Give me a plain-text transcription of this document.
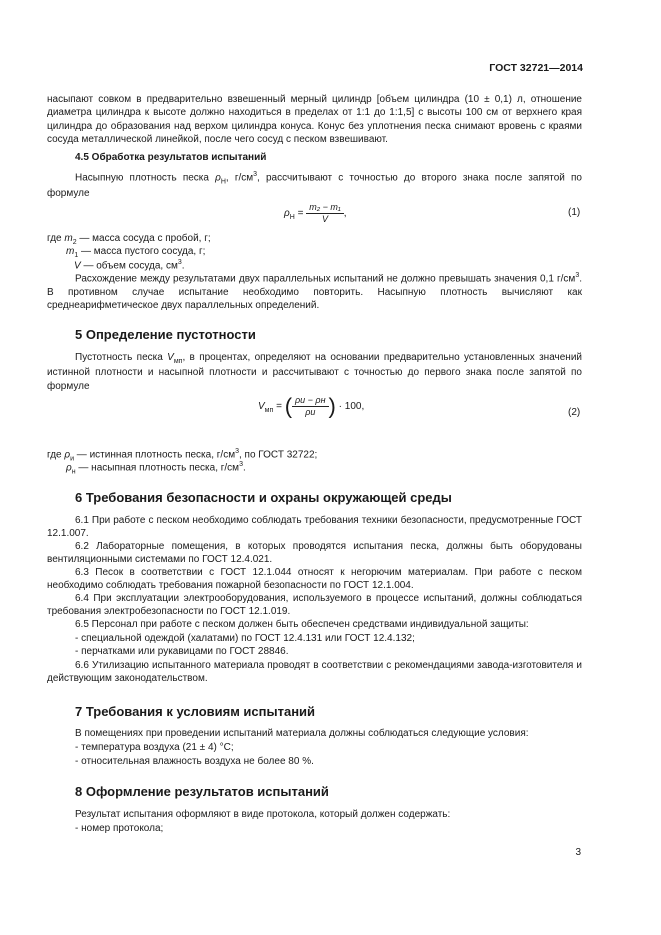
ГОСТ 32721—2014
насыпают совком в предварительно взвешенный мерный цилиндр [объем цилиндра (10 ± 0,1) л, отношение диаметра цилиндра к высоте должно находиться в пределах от 1:1 до 1:1,5] с высоты 100 см от верхнего края цилиндра до образования над верхом цилиндра конуса. Конус без уплотнения песка снимают вровень с краями сосуда металлической линейкой, после чего сосуд с песком взвешивают.
4.5 Обработка результатов испытаний
Насыпную плотность песка $\rho_Н$, $г/см^3$, рассчитывают с точностью до второго знака после запятой по формуле
$\rho_Н = \frac{\text{m₂ − m₁}}{V}$ ,	(1)
где $m_2$ — масса сосуда с пробой, г;
$m_1$ — масса пустого сосуда, г;
V — объем сосуда, $см^3$.
Расхождение между результатами двух параллельных испытаний не должно превышать значения 0,1 $г/см^3$. В противном случае испытание необходимо повторить. Насыпную плотность вычисляют как среднеарифметическое двух параллельных определений.
5 Определение пустотности
Пустотность песка $V_{мп}$, в процентах, определяют на основании предварительно установленных значений истинной плотности и насыпной плотности и рассчитывают с точностью до первого знака после запятой по формуле
$V_{мп}$ = ( $\frac{\rho и - \rho н}{\rho и}$ ) · 100,
(2)
где $\rho_и$ — истинная плотность песка, $г/см^3$, по ГОСТ 32722;
$\rho_н$ — насыпная плотность песка, $г/см^3$.
6 Требования безопасности и охраны окружающей среды
6.1 При работе с песком необходимо соблюдать требования техники безопасности, предусмотренные ГОСТ 12.1.007.
6.2 Лабораторные помещения, в которых проводятся испытания песка, должны быть оборудованы вентиляционными системами по ГОСТ 12.4.021.
6.3 Песок в соответствии с ГОСТ 12.1.044 относят к негорючим материалам. При работе с песком необходимо соблюдать требования пожарной безопасности по ГОСТ 12.1.004.
6.4 При эксплуатации электрооборудования, используемого в процессе испытаний, должны соблюдаться требования электробезопасности по ГОСТ 12.1.019.
6.5 Персонал при работе с песком должен быть обеспечен средствами индивидуальной защиты:
- специальной одеждой (халатами) по ГОСТ 12.4.131 или ГОСТ 12.4.132;
- перчатками или рукавицами по ГОСТ 28846.
6.6 Утилизацию испытанного материала проводят в соответствии с рекомендациями завода-изготовителя и действующим законодательством.
7 Требования к условиям испытаний
В помещениях при проведении испытаний материала должны соблюдаться следующие условия:
- температура воздуха (21 ± 4) °С;
- относительная влажность воздуха не более 80 %.
8 Оформление результатов испытаний
Результат испытания оформляют в виде протокола, который должен содержать:
- номер протокола;
3
